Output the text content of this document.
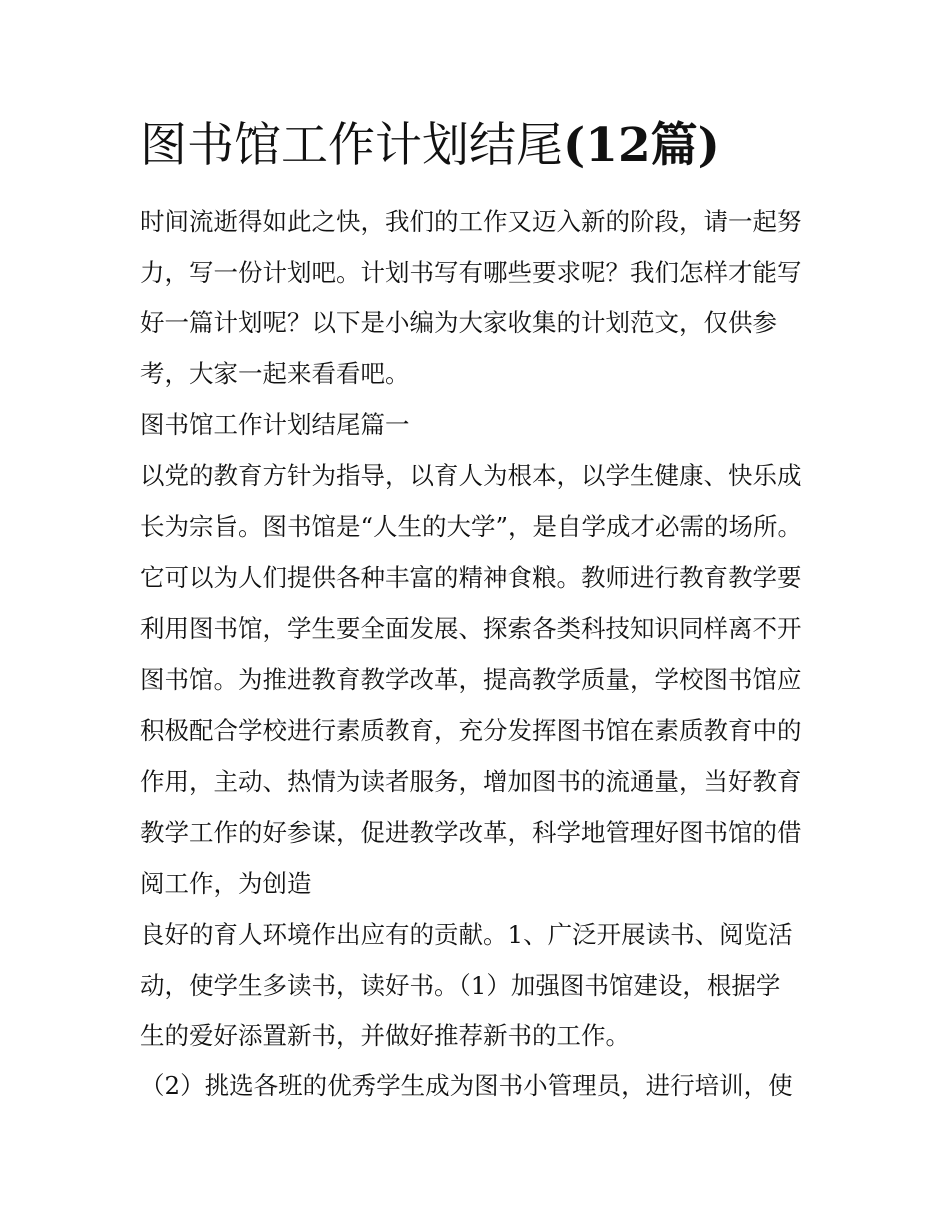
图书馆工作计划结尾(12篇)
时间流逝得如此之快，我们的工作又迈入新的阶段，请一起努
力，写一份计划吧。计划书写有哪些要求呢？我们怎样才能写
好一篇计划呢？以下是小编为大家收集的计划范文，仅供参
考，大家一起来看看吧。
图书馆工作计划结尾篇一
以党的教育方针为指导，以育人为根本，以学生健康、快乐成
长为宗旨。图书馆是“人生的大学”，是自学成才必需的场所。
它可以为人们提供各种丰富的精神食粮。教师进行教育教学要
利用图书馆，学生要全面发展、探索各类科技知识同样离不开
图书馆。为推进教育教学改革，提高教学质量，学校图书馆应
积极配合学校进行素质教育，充分发挥图书馆在素质教育中的
作用，主动、热情为读者服务，增加图书的流通量，当好教育
教学工作的好参谋，促进教学改革，科学地管理好图书馆的借
阅工作，为创造
良好的育人环境作出应有的贡献。1、广泛开展读书、阅览活
动，使学生多读书，读好书。（1）加强图书馆建设，根据学
生的爱好添置新书，并做好推荐新书的工作。
（2）挑选各班的优秀学生成为图书小管理员，进行培训，使
